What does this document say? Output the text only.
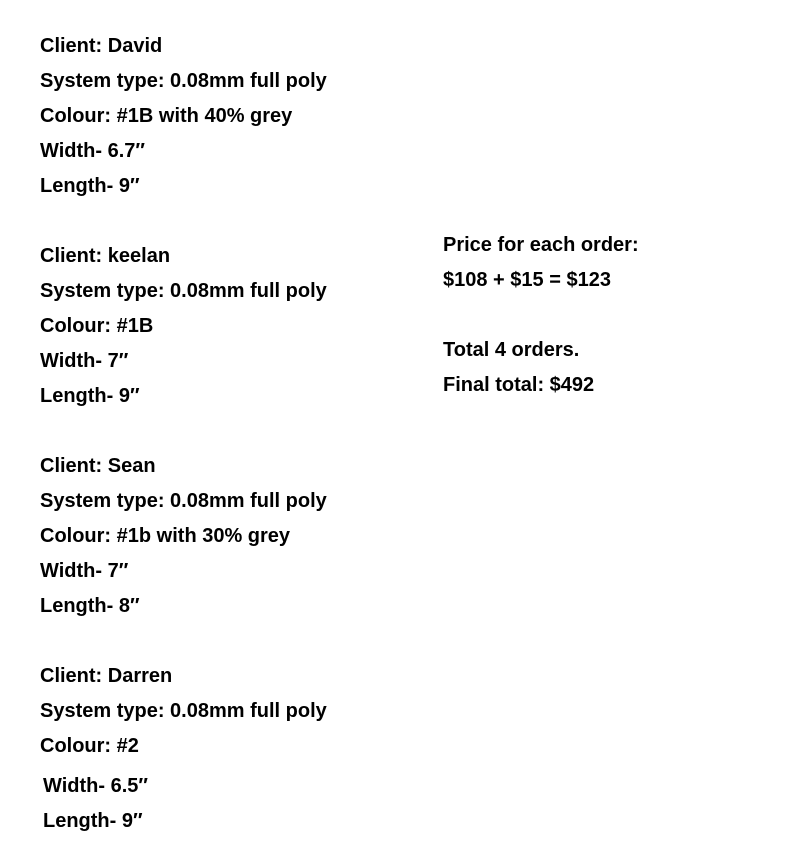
Client: David
System type: 0.08mm full poly
Colour: #1B with 40% grey
Width- 6.7″
Length- 9″
Client: keelan
System type: 0.08mm full poly
Colour: #1B
Width- 7″
Length- 9″
Client: Sean
System type: 0.08mm full poly
Colour: #1b with 30% grey
Width- 7″
Length- 8″
Client: Darren
System type: 0.08mm full poly
Colour: #2
Width- 6.5″
Length- 9″
Price for each order:
$108 + $15 = $123
Total 4 orders.
Final total: $492
